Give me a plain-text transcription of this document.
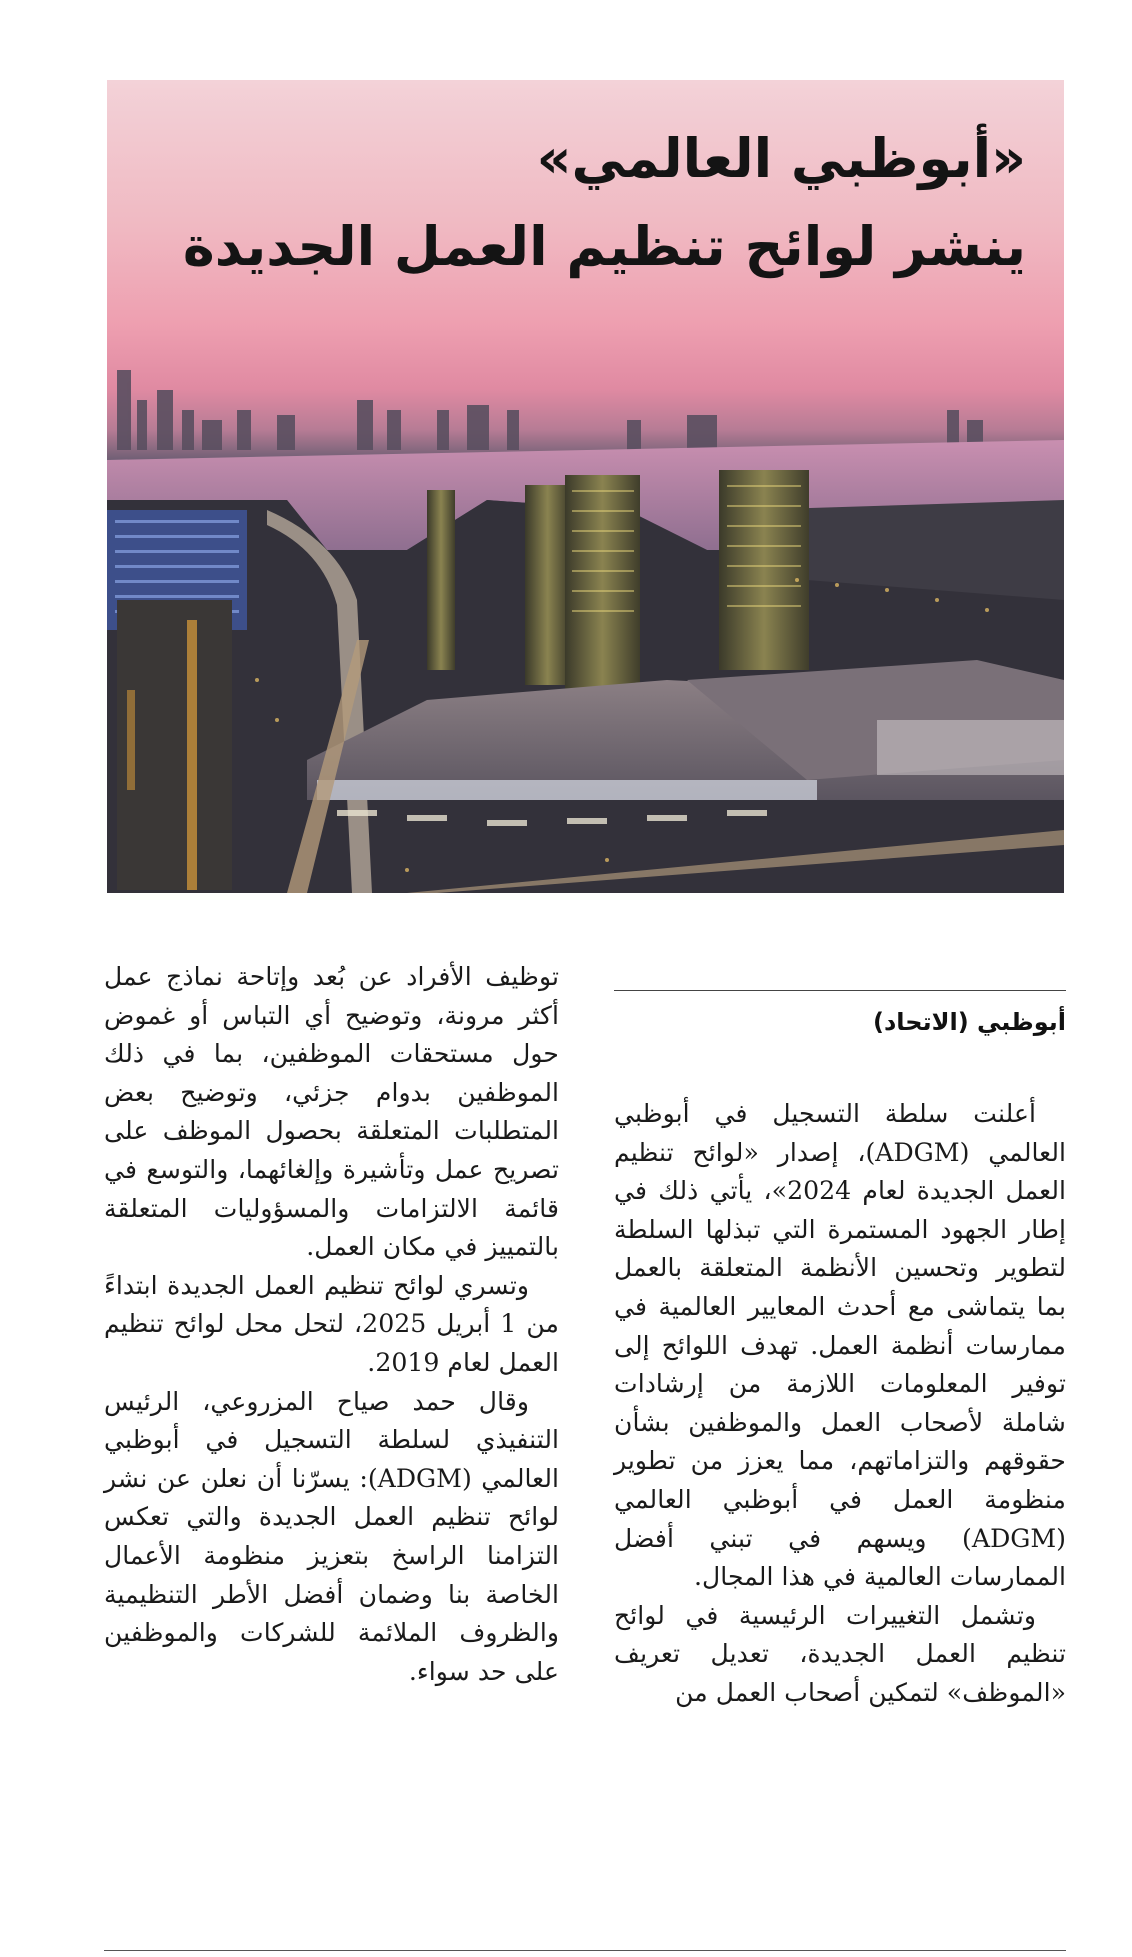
«أبوظبي العالمي»
ينشر لوائح تنظيم العمل الجديدة
أبوظبي (الاتحاد)

أعلنت سلطة التسجيل في أبوظبي العالمي (ADGM)، إصدار «لوائح تنظيم العمل الجديدة لعام 2024»، يأتي ذلك في إطار الجهود المستمرة التي تبذلها السلطة لتطوير وتحسين الأنظمة المتعلقة بالعمل بما يتماشى مع أحدث المعايير العالمية في ممارسات أنظمة العمل. تهدف اللوائح إلى توفير المعلومات اللازمة من إرشادات شاملة لأصحاب العمل والموظفين بشأن حقوقهم والتزاماتهم، مما يعزز من تطوير منظومة العمل في أبوظبي العالمي (ADGM) ويسهم في تبني أفضل الممارسات العالمية في هذا المجال.

وتشمل التغييرات الرئيسية في لوائح تنظيم العمل الجديدة، تعديل تعريف «الموظف» لتمكين أصحاب العمل من

توظيف الأفراد عن بُعد وإتاحة نماذج عمل أكثر مرونة، وتوضيح أي التباس أو غموض حول مستحقات الموظفين، بما في ذلك الموظفين بدوام جزئي، وتوضيح بعض المتطلبات المتعلقة بحصول الموظف على تصريح عمل وتأشيرة وإلغائهما، والتوسع في قائمة الالتزامات والمسؤوليات المتعلقة بالتمييز في مكان العمل.

وتسري لوائح تنظيم العمل الجديدة ابتداءً من 1 أبريل 2025، لتحل محل لوائح تنظيم العمل لعام 2019.

وقال حمد صياح المزروعي، الرئيس التنفيذي لسلطة التسجيل في أبوظبي العالمي (ADGM): يسرّنا أن نعلن عن نشر لوائح تنظيم العمل الجديدة والتي تعكس التزامنا الراسخ بتعزيز منظومة الأعمال الخاصة بنا وضمان أفضل الأطر التنظيمية والظروف الملائمة للشركات والموظفين على حد سواء.
